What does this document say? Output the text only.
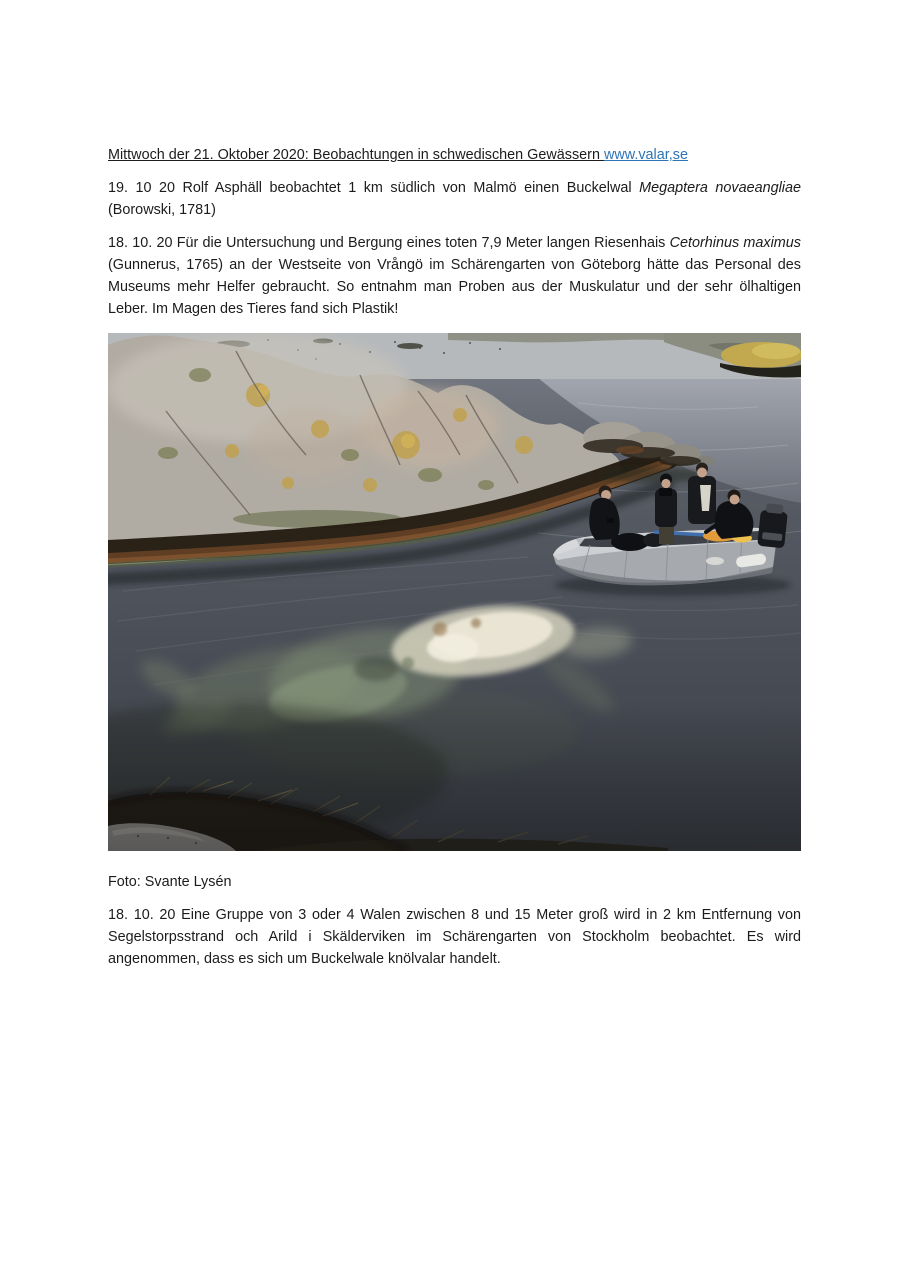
Mittwoch der 21. Oktober 2020: Beobachtungen in schwedischen Gewässern www.valar,se

19. 10 20 Rolf Asphäll beobachtet 1 km südlich von Malmö einen Buckelwal Megaptera novaeangliae (Borowski, 1781)

18. 10. 20 Für die Untersuchung und Bergung eines toten 7,9 Meter langen Riesenhais Cetorhinus maximus (Gunnerus, 1765) an der Westseite von Vrångö im Schärengarten von Göteborg hätte das Personal des Museums mehr Helfer gebraucht. So entnahm man Proben aus der Muskulatur und der sehr ölhaltigen Leber. Im Magen des Tieres fand sich Plastik!

Foto: Svante Lysén

18. 10. 20 Eine Gruppe von 3 oder 4 Walen zwischen 8 und 15 Meter groß wird in 2 km Entfernung von Segelstorpsstrand och Arild i Skälderviken im Schärengarten von Stockholm beobachtet. Es wird angenommen, dass es sich um Buckelwale knölvalar handelt.
